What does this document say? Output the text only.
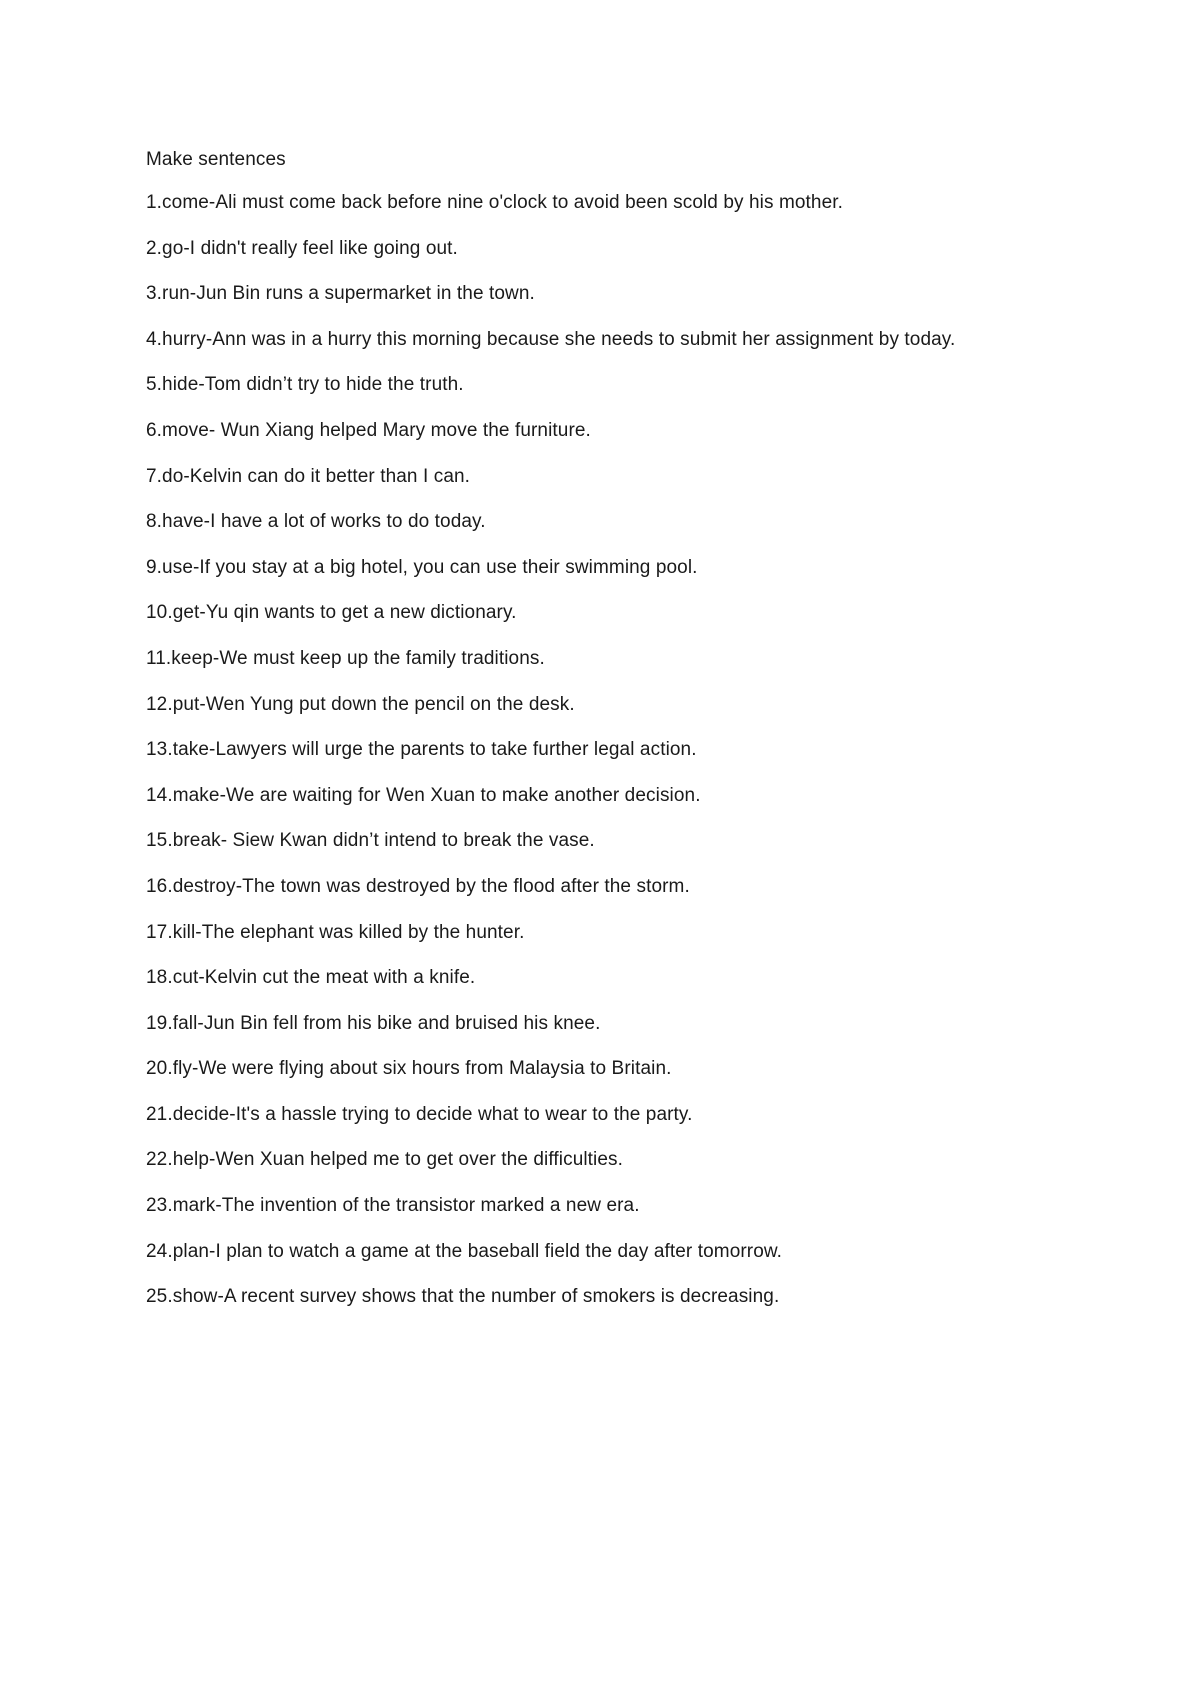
Make sentences
1.come-Ali must come back before nine o'clock to avoid been scold by his mother.
2.go-I didn't really feel like going out.
3.run-Jun Bin runs a supermarket in the town.
4.hurry-Ann was in a hurry this morning because she needs to submit her assignment by today.
5.hide-Tom didn’t try to hide the truth.
6.move- Wun Xiang helped Mary move the furniture.
7.do-Kelvin can do it better than I can.
8.have-I have a lot of works to do today.
9.use-If you stay at a big hotel, you can use their swimming pool.
10.get-Yu qin wants to get a new dictionary.
11.keep-We must keep up the family traditions.
12.put-Wen Yung put down the pencil on the desk.
13.take-Lawyers will urge the parents to take further legal action.
14.make-We are waiting for Wen Xuan to make another decision.
15.break- Siew Kwan didn’t intend to break the vase.
16.destroy-The town was destroyed by the flood after the storm.
17.kill-The elephant was killed by the hunter.
18.cut-Kelvin cut the meat with a knife.
19.fall-Jun Bin fell from his bike and bruised his knee.
20.fly-We were flying about six hours from Malaysia to Britain.
21.decide-It's a hassle trying to decide what to wear to the party.
22.help-Wen Xuan helped me to get over the difficulties.
23.mark-The invention of the transistor marked a new era.
24.plan-I plan to watch a game at the baseball field the day after tomorrow.
25.show-A recent survey shows that the number of smokers is decreasing.
